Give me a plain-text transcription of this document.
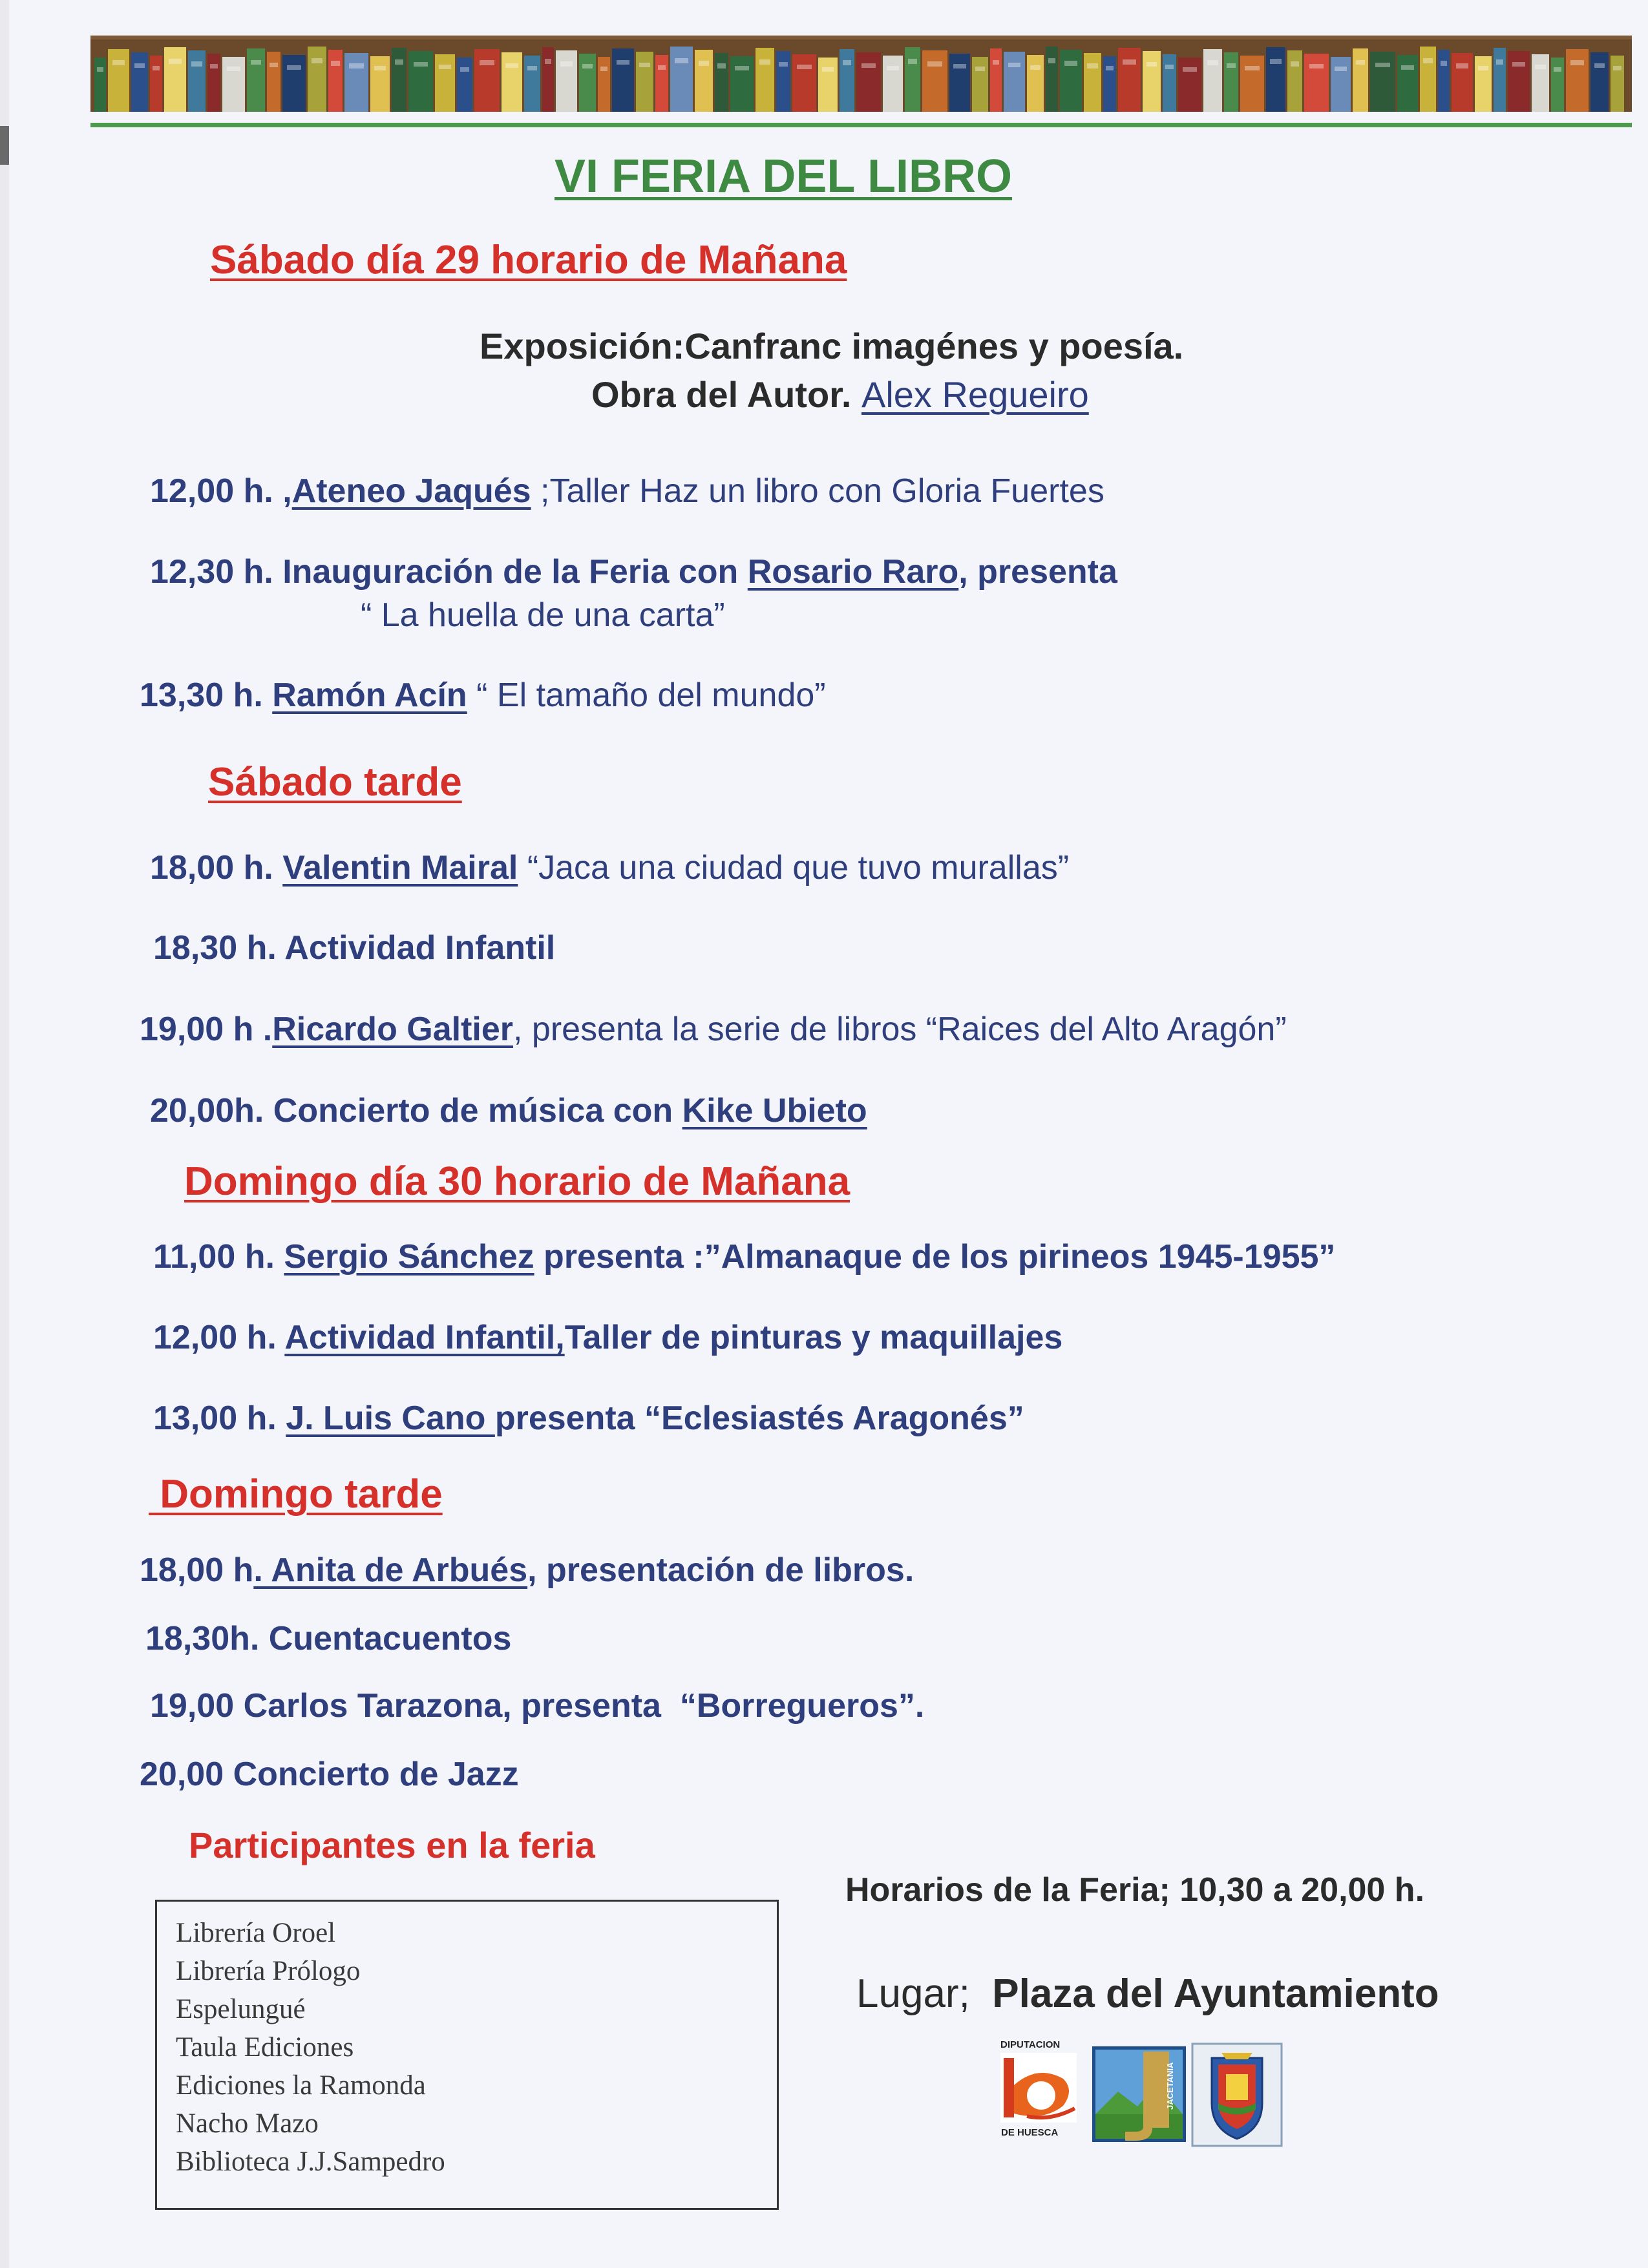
VI FERIA DEL LIBRO
Sábado día 29 horario de Mañana
Exposición:Canfranc imagénes y poesía.
Obra del Autor. Alex Regueiro
12,00 h. ,Ateneo Jaqués ;Taller Haz un libro con Gloria Fuertes
12,30 h. Inauguración de la Feria con Rosario Raro, presenta
“ La huella de una carta”
13,30 h. Ramón Acín “ El tamaño del mundo”
Sábado tarde
18,00 h. Valentin Mairal “Jaca una ciudad que tuvo murallas”
18,30 h. Actividad Infantil
19,00 h .Ricardo Galtier, presenta la serie de libros “Raices del Alto Aragón”
20,00h. Concierto de música con Kike Ubieto
Domingo día 30 horario de Mañana
11,00 h. Sergio Sánchez presenta :”Almanaque de los pirineos 1945-1955”
12,00 h. Actividad Infantil,Taller de pinturas y maquillajes
13,00 h. J. Luis Cano presenta “Eclesiastés Aragonés”
Domingo tarde
18,00 h. Anita de Arbués, presentación de libros.
18,30h. Cuentacuentos
19,00 Carlos Tarazona, presenta  “Borregueros”.
20,00 Concierto de Jazz
Participantes en la feria
Librería Oroel
Librería Prólogo
Espelungué
Taula Ediciones
Ediciones la Ramonda
Nacho Mazo
Biblioteca J.J.Sampedro
Horarios de la Feria; 10,30 a 20,00 h.
Lugar; Plaza del Ayuntamiento
DIPUTACION
DE HUESCA
JACETANIA
